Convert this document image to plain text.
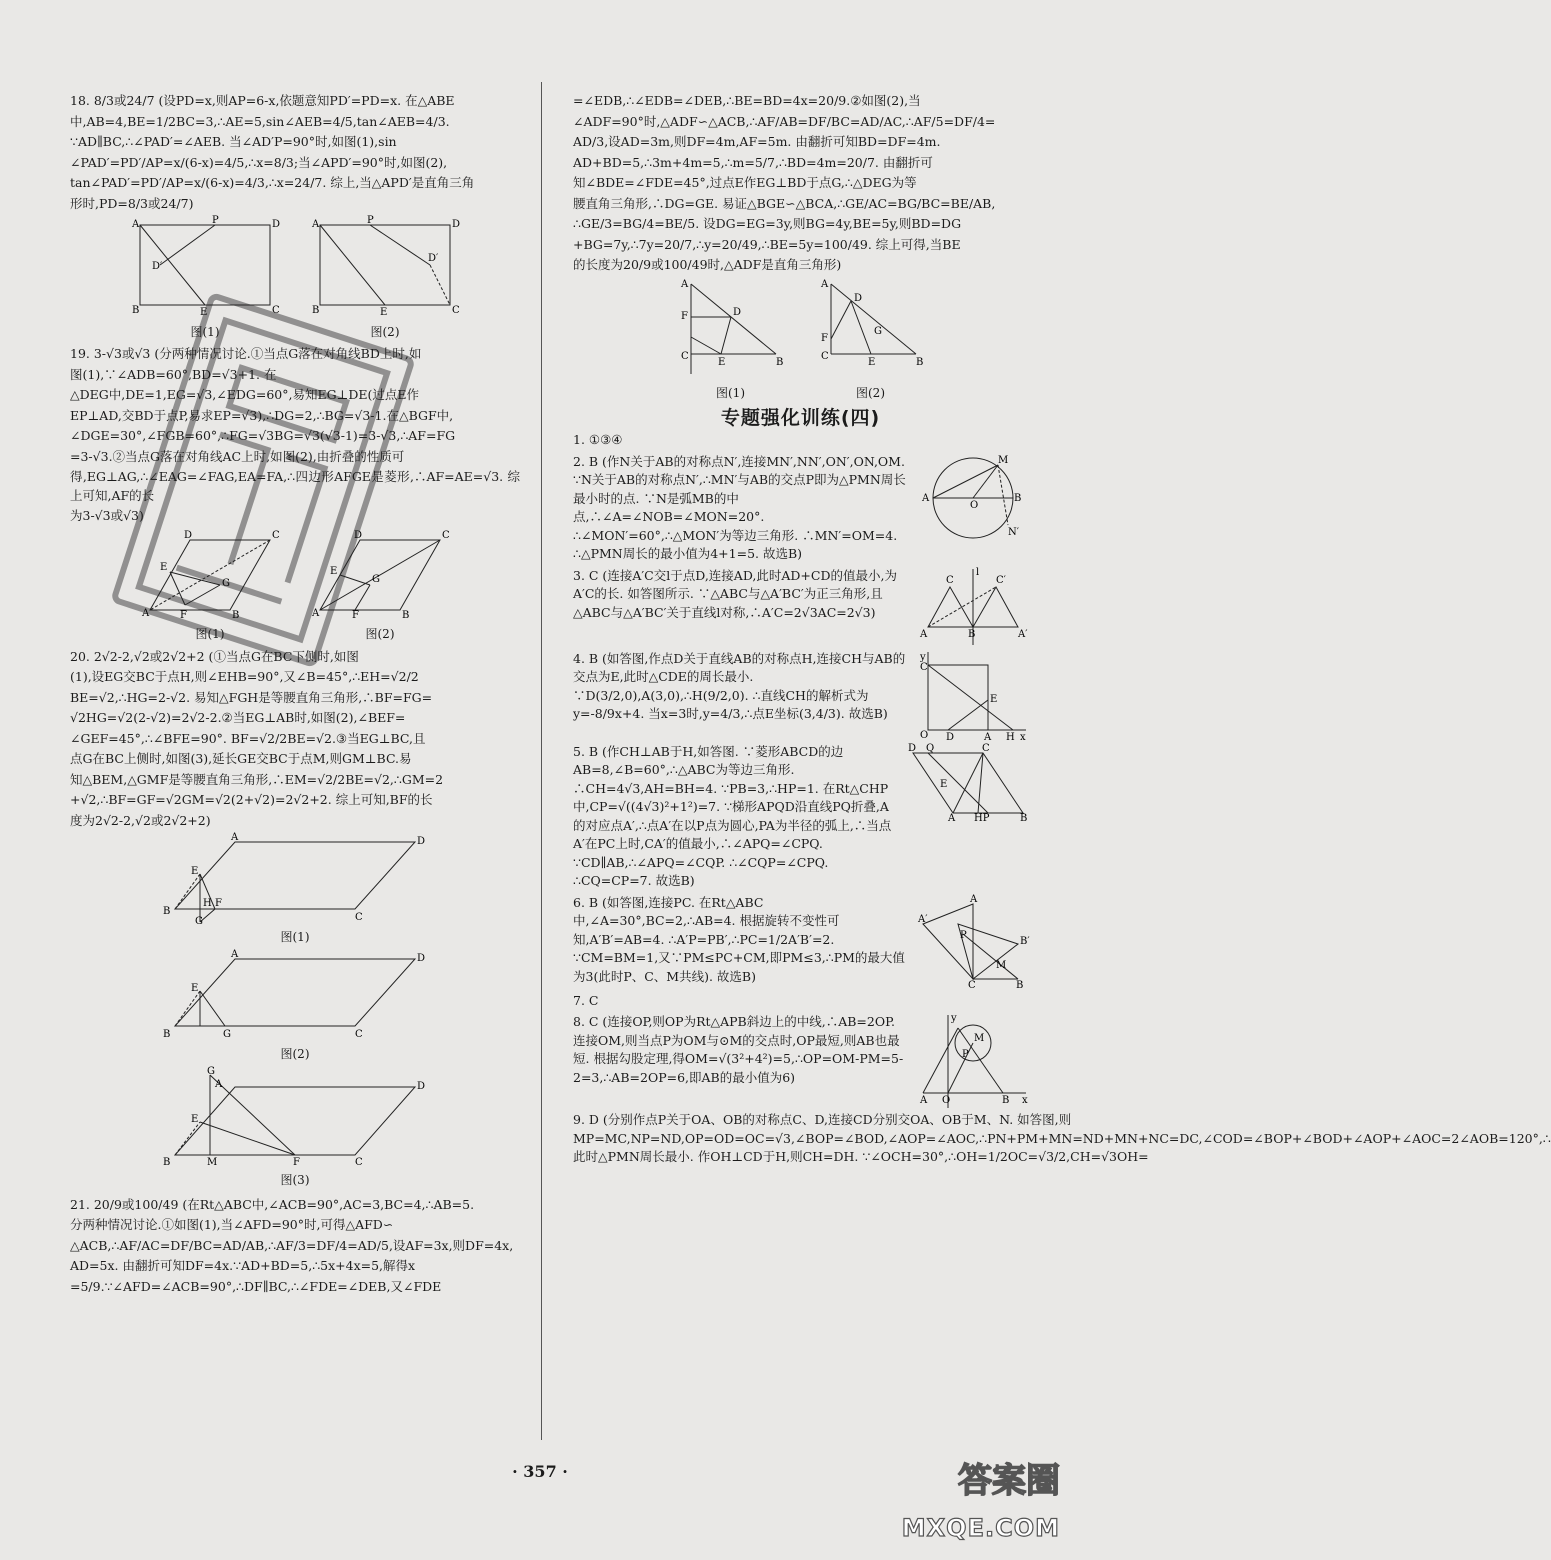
18. 8/3或24/7 (设PD=x,则AP=6-x,依题意知PD′=PD=x. 在△ABE

中,AB=4,BE=1/2BC=3,∴AE=5,sin∠AEB=4/5,tan∠AEB=4/3.

∵AD∥BC,∴∠PAD′=∠AEB. 当∠AD′P=90°时,如图(1),sin

∠PAD′=PD′/AP=x/(6-x)=4/5,∴x=8/3;当∠APD′=90°时,如图(2),

tan∠PAD′=PD′/AP=x/(6-x)=4/3,∴x=24/7. 综上,当△APD′是直角三角

形时,PD=8/3或24/7)

A	P	D
D′
B	E	C
图(1)
A	P	D
D′
B	E	C
图(2)

19. 3-√3或√3 (分两种情况讨论.①当点G落在对角线BD上时,如

图(1),∵∠ADB=60°,BD=√3+1. 在

△DEG中,DE=1,EG=√3,∠EDG=60°,易知EG⊥DE(过点E作

EP⊥AD,交BD于点P,易求EP=√3),∴DG=2,∴BG=√3-1.在△BGF中,

∠DGE=30°,∠FGB=60°,∴FG=√3BG=√3(√3-1)=3-√3,∴AF=FG

=3-√3.②当点G落在对角线AC上时,如图(2),由折叠的性质可

得,EG⊥AG,∴∠EAG=∠FAG,EA=FA,∴四边形AFGE是菱形,∴AF=AE=√3. 综上可知,AF的长

为3-√3或√3)

A	F	B
D	C
E
G
图(1)
A	F	B
D	C
E
G
图(2)

20. 2√2-2,√2或2√2+2 (①当点G在BC下侧时,如图

(1),设EG交BC于点H,则∠EHB=90°,又∠B=45°,∴EH=√2/2

BE=√2,∴HG=2-√2. 易知△FGH是等腰直角三角形,∴BF=FG=

√2HG=√2(2-√2)=2√2-2.②当EG⊥AB时,如图(2),∠BEF=

∠GEF=45°,∴∠BFE=90°. BF=√2/2BE=√2.③当EG⊥BC,且

点G在BC上侧时,如图(3),延长GE交BC于点M,则GM⊥BC.易

知△BEM,△GMF是等腰直角三角形,∴EM=√2/2BE=√2,∴GM=2

+√2,∴BF=GF=√2GM=√2(2+√2)=2√2+2. 综上可知,BF的长

度为2√2-2,√2或2√2+2)

A	D
E
B
F
H
G	C
图(1)
A	D
E
B	G	C
图(2)
G
A	D
E
B	M	F	C
图(3)

21. 20/9或100/49 (在Rt△ABC中,∠ACB=90°,AC=3,BC=4,∴AB=5.

分两种情况讨论.①如图(1),当∠AFD=90°时,可得△AFD∽

△ACB,∴AF/AC=DF/BC=AD/AB,∴AF/3=DF/4=AD/5,设AF=3x,则DF=4x,

AD=5x. 由翻折可知DF=4x.∵AD+BD=5,∴5x+4x=5,解得x

=5/9.∵∠AFD=∠ACB=90°,∴DF∥BC,∴∠FDE=∠DEB,又∠FDE

=∠EDB,∴∠EDB=∠DEB,∴BE=BD=4x=20/9.②如图(2),当

∠ADF=90°时,△ADF∽△ACB,∴AF/AB=DF/BC=AD/AC,∴AF/5=DF/4=

AD/3,设AD=3m,则DF=4m,AF=5m. 由翻折可知BD=DF=4m.

AD+BD=5,∴3m+4m=5,∴m=5/7,∴BD=4m=20/7. 由翻折可

知∠BDE=∠FDE=45°,过点E作EG⊥BD于点G,∴△DEG为等

腰直角三角形,∴DG=GE. 易证△BGE∽△BCA,∴GE/AC=BG/BC=BE/AB,

∴GE/3=BG/4=BE/5. 设DG=EG=3y,则BG=4y,BE=5y,则BD=DG

+BG=7y,∴7y=20/7,∴y=20/49,∴BE=5y=100/49. 综上可得,当BE

的长度为20/9或100/49时,△ADF是直角三角形)

A
F	D
C
E	B
图(1)
A
D
G
C
E	B
F
图(2)
专题强化训练(四)
1. ①③④
2. B (作N关于AB的对称点N′,连接MN′,NN′,ON′,ON,OM. ∵N关于AB的对称点N′,∴MN′与AB的交点P即为△PMN周长最小时的点. ∵N是弧MB的中点,∴∠A=∠NOB=∠MON=20°. ∴∠MON′=60°,∴△MON′为等边三角形. ∴MN′=OM=4. ∴△PMN周长的最小值为4+1=5. 故选B)
A
M
B
O
N′
3. C (连接A′C交l于点D,连接AD,此时AD+CD的值最小,为A′C的长. 如答图所示. ∵△ABC与△A′BC′为正三角形,且△ABC与△A′BC′关于直线l对称,∴A′C=2√3AC=2√3)
A
C
l
B
C′
A′
4. B (如答图,作点D关于直线AB的对称点H,连接CH与AB的交点为E,此时△CDE的周长最小. ∵D(3/2,0),A(3,0),∴H(9/2,0). ∴直线CH的解析式为y=-8/9x+4. 当x=3时,y=4/3,∴点E坐标(3,4/3). 故选B)
y
C
O D	A H
E
x
5. B (作CH⊥AB于H,如答图. ∵菱形ABCD的边AB=8,∠B=60°,∴△ABC为等边三角形. ∴CH=4√3,AH=BH=4. ∵PB=3,∴HP=1. 在Rt△CHP中,CP=√((4√3)²+1²)=7. ∵梯形APQD沿直线PQ折叠,A的对应点A′,∴点A′在以P点为圆心,PA为半径的弧上,∴当点A′在PC上时,CA′的值最小,∴∠APQ=∠CPQ. ∵CD∥AB,∴∠APQ=∠CQP. ∴∠CQP=∠CPQ. ∴CQ=CP=7. 故选B)
D Q	C
A HP	B
E
6. B (如答图,连接PC. 在Rt△ABC中,∠A=30°,BC=2,∴AB=4. 根据旋转不变性可知,A′B′=AB=4. ∴A′P=PB′,∴PC=1/2A′B′=2. ∵CM=BM=1,又∵PM≤PC+CM,即PM≤3,∴PM的最大值为3(此时P、C、M共线). 故选B)
A
A′
B′
C	B
P
M
7. C
8. C (连接OP,则OP为Rt△APB斜边上的中线,∴AB=2OP. 连接OM,则当点P为OM与⊙M的交点时,OP最短,则AB也最短. 根据勾股定理,得OM=√(3²+4²)=5,∴OP=OM-PM=5-2=3,∴AB=2OP=6,即AB的最小值为6)
y
M
P
A O	B x
9. D (分别作点P关于OA、OB的对称点C、D,连接CD分别交OA、OB于M、N. 如答图,则MP=MC,NP=ND,OP=OD=OC=√3,∠BOP=∠BOD,∠AOP=∠AOC,∴PN+PM+MN=ND+MN+NC=DC,∠COD=∠BOP+∠BOD+∠AOP+∠AOC=2∠AOB=120°,∴此时△PMN周长最小. 作OH⊥CD于H,则CH=DH. ∵∠OCH=30°,∴OH=1/2OC=√3/2,CH=√3OH=
· 357 ·	答案圈
MXQE.COM
